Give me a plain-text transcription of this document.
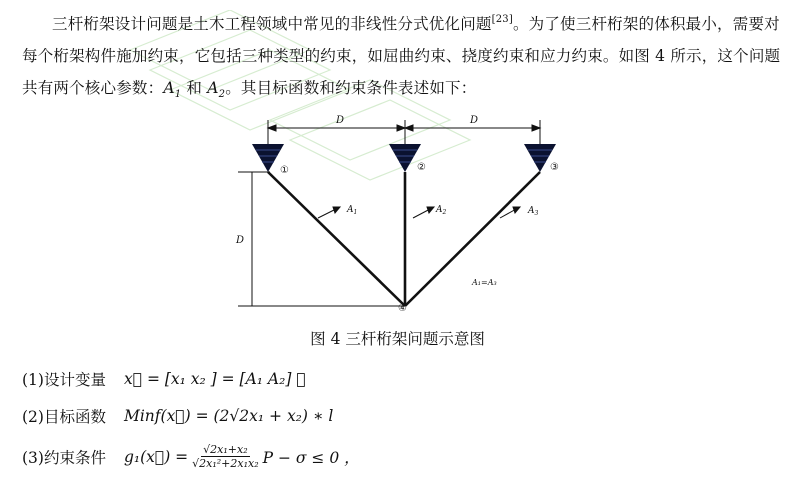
三杆桁架设计问题是土木工程领域中常见的非线性分式优化问题[23]。为了使三杆桁架的体积最小，需要对每个桁架构件施加约束，它包括三种类型的约束，如屈曲约束、挠度约束和应力约束。如图 4 所示，这个问题共有两个核心参数：$A_1$ 和 $A_2$。其目标函数和约束条件表述如下：
D	D
①	②	③
D
$A_1$	$A_2$	$A_3$
A₁=A₃
④
图 4 三杆桁架问题示意图
(1)设计变量 x⃗ = [x₁ x₂ ] = [A₁ A₂] ，
(2)目标函数 Minf(x⃗) = (2√2x₁ + x₂) ∗ l
(3)约束条件 g₁(x⃗) = $\frac{\text{√2x₁+x₂}}{\text{√2x₁²+2x₁x₂}}$ P − σ ≤ 0 ，
